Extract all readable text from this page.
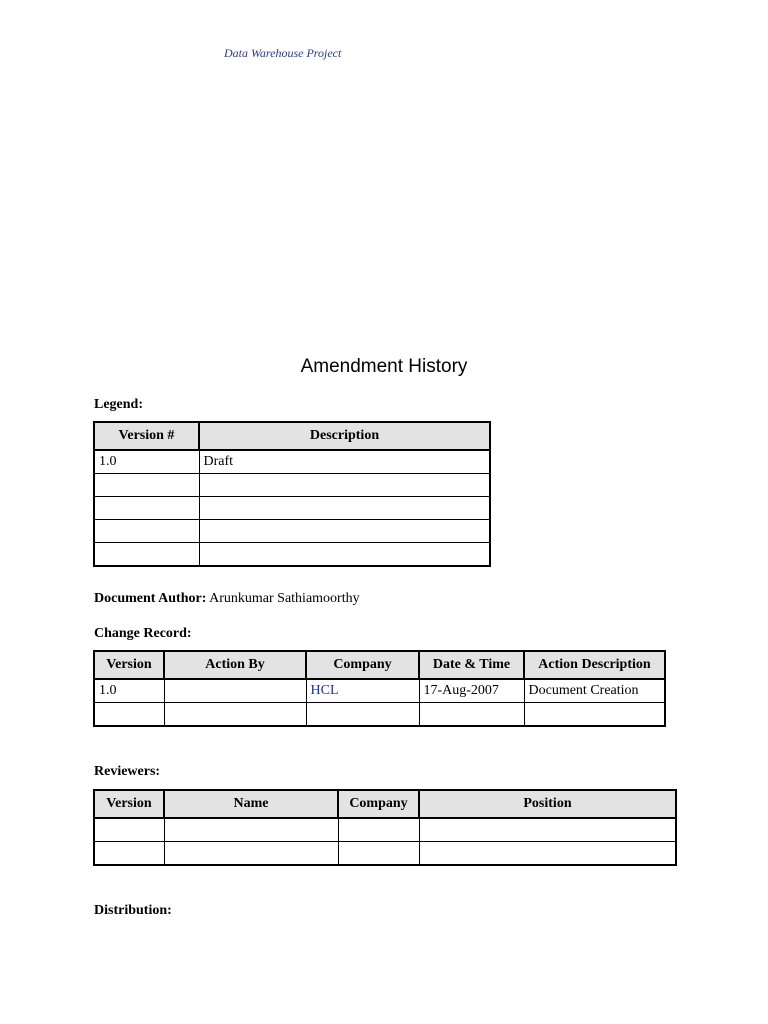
Data Warehouse Project
Amendment History
Legend:
Version #	Description
1.0	Draft

Document Author: Arunkumar Sathiamoorthy
Change Record:
Version	Action By	Company	Date & Time	Action Description
1.0		HCL	17-Aug-2007	Document Creation

Reviewers:
Version	Name	Company	Position

Distribution:
